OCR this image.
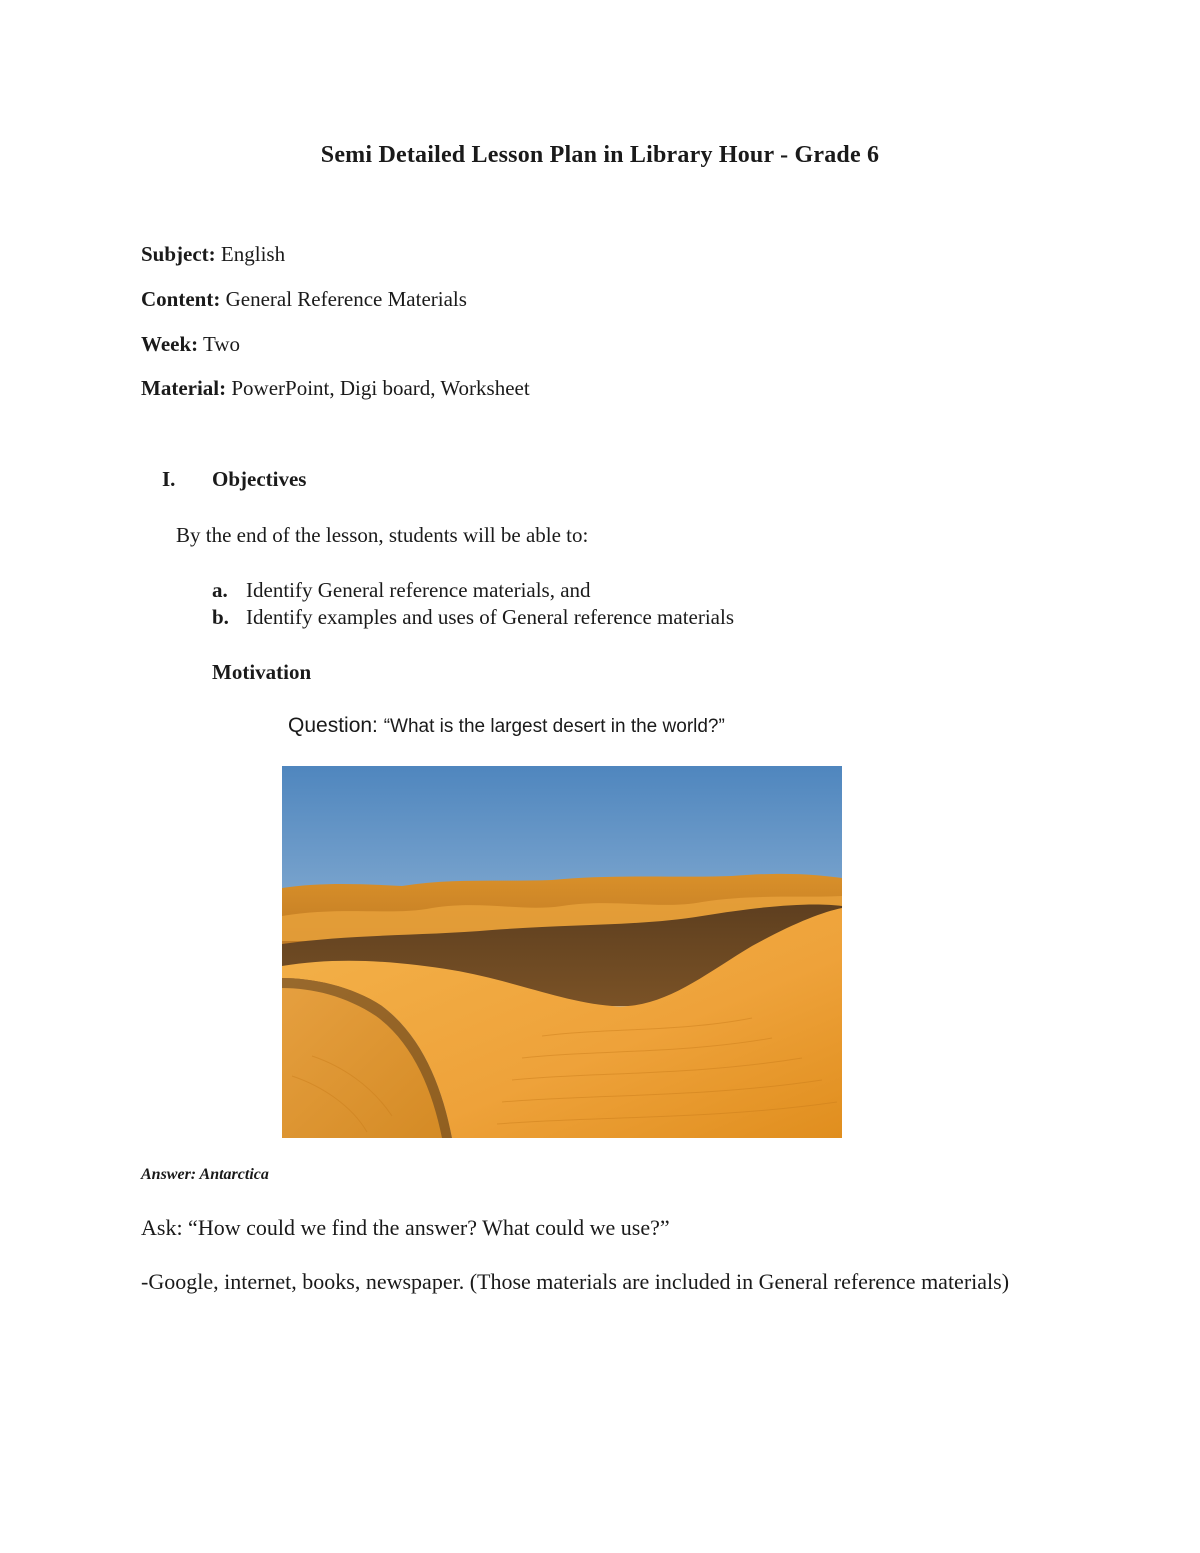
Semi Detailed Lesson Plan in Library Hour - Grade 6
Subject: English
Content: General Reference Materials
Week: Two
Material: PowerPoint, Digi board, Worksheet
I. Objectives
By the end of the lesson, students will be able to:
a. Identify General reference materials, and
b. Identify examples and uses of General reference materials
Motivation
Question: “What is the largest desert in the world?”
Answer: Antarctica
Ask: “How could we find the answer? What could we use?”
-Google, internet, books, newspaper. (Those materials are included in General reference materials)
